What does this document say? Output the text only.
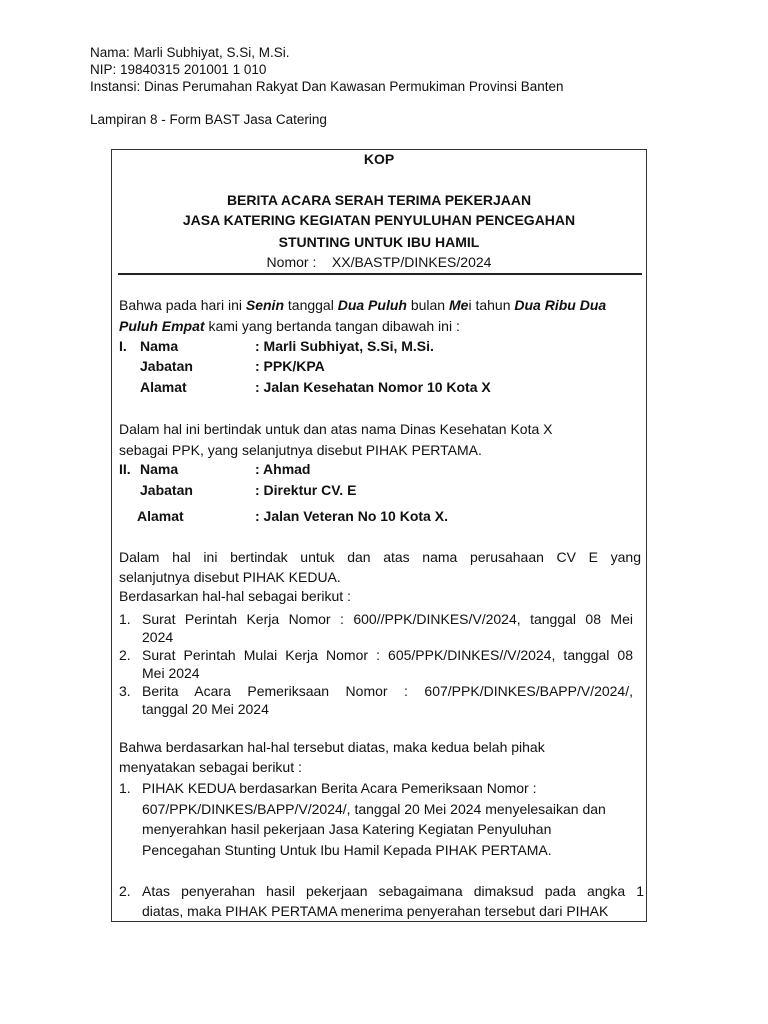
Nama: Marli Subhiyat, S.Si, M.Si.
NIP: 19840315 201001 1 010
Instansi: Dinas Perumahan Rakyat Dan Kawasan Permukiman Provinsi Banten
Lampiran 8 - Form BAST Jasa Catering
KOP
BERITA ACARA SERAH TERIMA PEKERJAAN
JASA KATERING KEGIATAN PENYULUHAN PENCEGAHAN
STUNTING UNTUK IBU HAMIL
Nomor : XX/BASTP/DINKES/2024
Bahwa pada hari ini Senin tanggal Dua Puluh bulan Mei tahun Dua Ribu Dua
Puluh Empat kami yang bertanda tangan dibawah ini :
I. Nama	: Marli Subhiyat, S.Si, M.Si.
Jabatan	: PPK/KPA
Alamat	: Jalan Kesehatan Nomor 10 Kota X
Dalam hal ini bertindak untuk dan atas nama Dinas Kesehatan Kota X
sebagai PPK, yang selanjutnya disebut PIHAK PERTAMA.
II. Nama	: Ahmad
Jabatan	: Direktur CV. E
Alamat	: Jalan Veteran No 10 Kota X.
Dalam hal ini bertindak untuk dan atas nama perusahaan CV E yang
selanjutnya disebut PIHAK KEDUA.
Berdasarkan hal-hal sebagai berikut :
1. Surat Perintah Kerja Nomor : 600//PPK/DINKES/V/2024, tanggal 08 Mei
2024
2. Surat Perintah Mulai Kerja Nomor : 605/PPK/DINKES//V/2024, tanggal 08
Mei 2024
3. Berita Acara Pemeriksaan Nomor : 607/PPK/DINKES/BAPP/V/2024/,
tanggal 20 Mei 2024
Bahwa berdasarkan hal-hal tersebut diatas, maka kedua belah pihak
menyatakan sebagai berikut :
1. PIHAK KEDUA berdasarkan Berita Acara Pemeriksaan Nomor :
607/PPK/DINKES/BAPP/V/2024/, tanggal 20 Mei 2024 menyelesaikan dan
menyerahkan hasil pekerjaan Jasa Katering Kegiatan Penyuluhan
Pencegahan Stunting Untuk Ibu Hamil Kepada PIHAK PERTAMA.
2. Atas penyerahan hasil pekerjaan sebagaimana dimaksud pada angka 1
diatas, maka PIHAK PERTAMA menerima penyerahan tersebut dari PIHAK
